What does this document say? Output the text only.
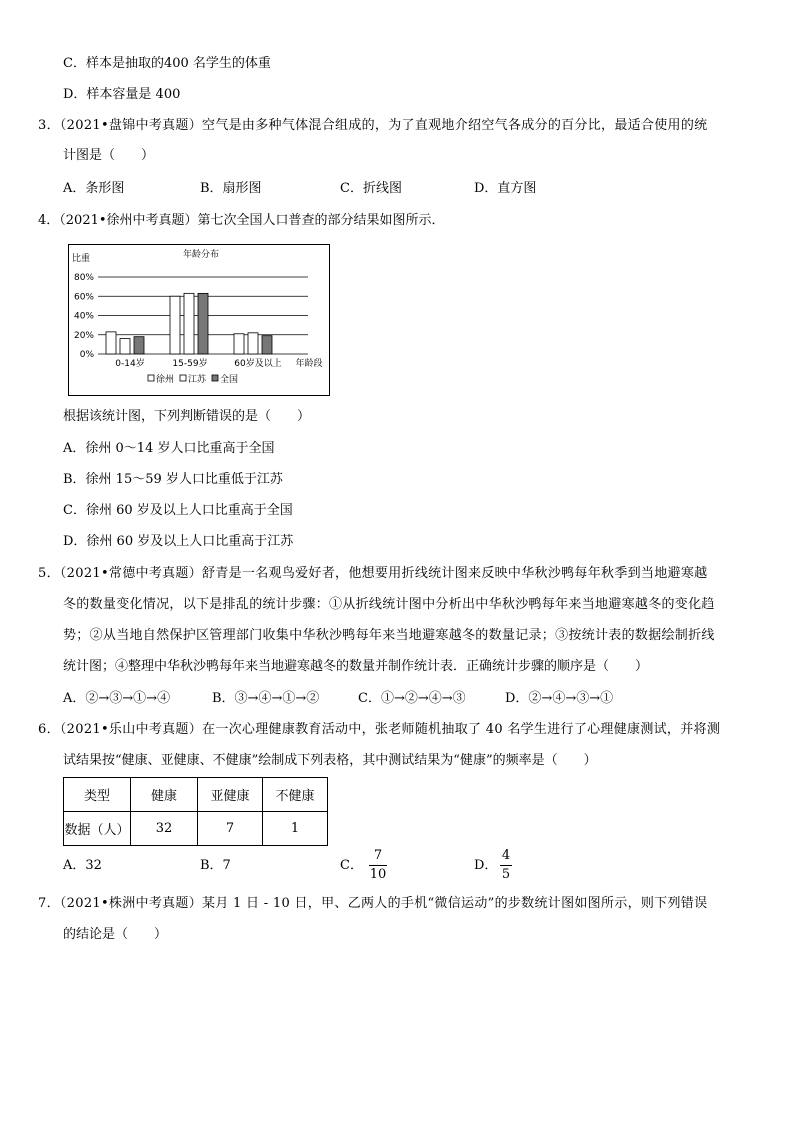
C．样本是抽取的400 名学生的体重
D．样本容量是 400
3．（2021•盘锦中考真题）空气是由多种气体混合组成的，为了直观地介绍空气各成分的百分比，最适合使用的统
计图是（　　）
A．条形图	B．扇形图	C．折线图	D．直方图
4．（2021•徐州中考真题）第七次全国人口普查的部分结果如图所示．
80%
60%
40%
20%
0%
年龄分布
比重
0-14岁	15-59岁	60岁及以上 年龄段
徐州 江苏 全国
根据该统计图，下列判断错误的是（　　）
A．徐州 0～14 岁人口比重高于全国
B．徐州 15～59 岁人口比重低于江苏
C．徐州 60 岁及以上人口比重高于全国
D．徐州 60 岁及以上人口比重高于江苏
5．（2021•常德中考真题）舒青是一名观鸟爱好者，他想要用折线统计图来反映中华秋沙鸭每年秋季到当地避寒越
冬的数量变化情况，以下是排乱的统计步骤：①从折线统计图中分析出中华秋沙鸭每年来当地避寒越冬的变化趋
势；②从当地自然保护区管理部门收集中华秋沙鸭每年来当地避寒越冬的数量记录；③按统计表的数据绘制折线
统计图；④整理中华秋沙鸭每年来当地避寒越冬的数量并制作统计表．正确统计步骤的顺序是（　　）
A．②→③→①→④	B．③→④→①→②	C．①→②→④→③	D．②→④→③→①
6．（2021•乐山中考真题）在一次心理健康教育活动中，张老师随机抽取了 40 名学生进行了心理健康测试，并将测
试结果按“健康、亚健康、不健康”绘制成下列表格，其中测试结果为“健康”的频率是（　　）
类型	健康	亚健康	不健康
数据（人）	32	7	1
A．32	B．7	C．
7
10
D．
4
5
7．（2021•株洲中考真题）某月 1 日 - 10 日，甲、乙两人的手机“微信运动”的步数统计图如图所示，则下列错误
的结论是（　　）
